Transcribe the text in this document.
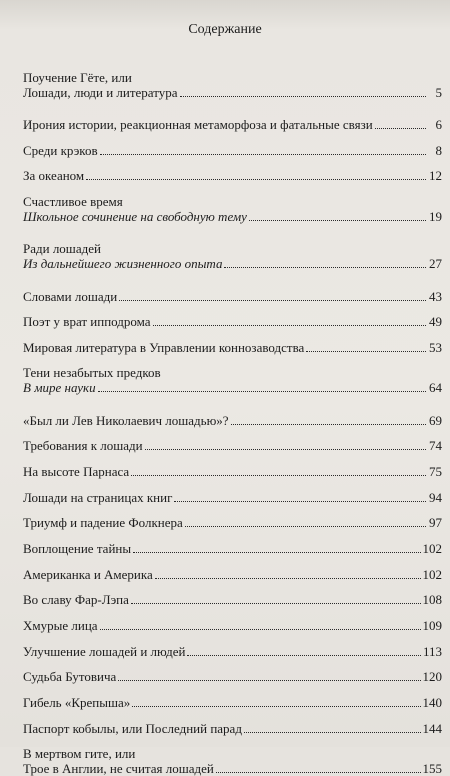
Содержание
Поучение Гёте, или
Лошади, люди и литература	5
Ирония истории, реакционная метаморфоза и фатальные связи	6
Среди крэков	8
За океаном	12
Счастливое время
Школьное сочинение на свободную тему	19
Ради лошадей
Из дальнейшего жизненного опыта	27
Словами лошади	43
Поэт у врат ипподрома	49
Мировая литература в Управлении коннозаводства	53
Тени незабытых предков
В мире науки	64
«Был ли Лев Николаевич лошадью»?	69
Требования к лошади	74
На высоте Парнаса	75
Лошади на страницах книг	94
Триумф и падение Фолкнера	97
Воплощение тайны	102
Американка и Америка	102
Во славу Фар-Лэпа	108
Хмурые лица	109
Улучшение лошадей и людей	113
Судьба Бутовича	120
Гибель «Крепыша»	140
Паспорт кобылы, или Последний парад	144
В мертвом гите, или
Трое в Англии, не считая лошадей	155
